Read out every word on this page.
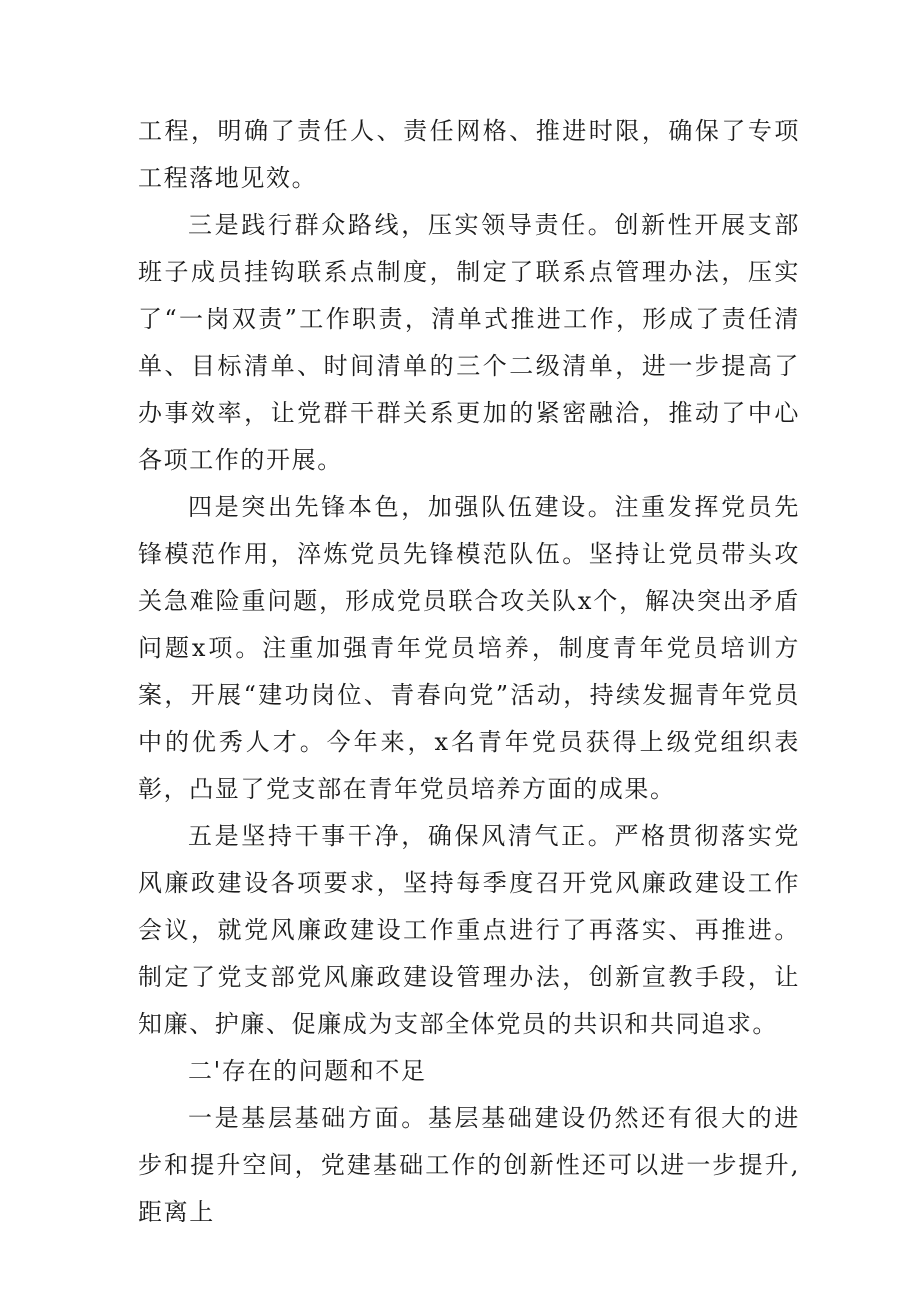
工程，明确了责任人、责任网格、推进时限，确保了专项工程落地见效。

三是践行群众路线，压实领导责任。创新性开展支部班子成员挂钩联系点制度，制定了联系点管理办法，压实了“一岗双责”工作职责，清单式推进工作，形成了责任清单、目标清单、时间清单的三个二级清单，进一步提高了办事效率，让党群干群关系更加的紧密融洽，推动了中心各项工作的开展。

四是突出先锋本色，加强队伍建设。注重发挥党员先锋模范作用，淬炼党员先锋模范队伍。坚持让党员带头攻关急难险重问题，形成党员联合攻关队x个，解决突出矛盾问题x项。注重加强青年党员培养，制度青年党员培训方案，开展“建功岗位、青春向党”活动，持续发掘青年党员中的优秀人才。今年来，x名青年党员获得上级党组织表彰，凸显了党支部在青年党员培养方面的成果。

五是坚持干事干净，确保风清气正。严格贯彻落实党风廉政建设各项要求，坚持每季度召开党风廉政建设工作会议，就党风廉政建设工作重点进行了再落实、再推进。制定了党支部党风廉政建设管理办法，创新宣教手段，让知廉、护廉、促廉成为支部全体党员的共识和共同追求。

二'存在的问题和不足

一是基层基础方面。基层基础建设仍然还有很大的进步和提升空间，党建基础工作的创新性还可以进一步提升,距离上
